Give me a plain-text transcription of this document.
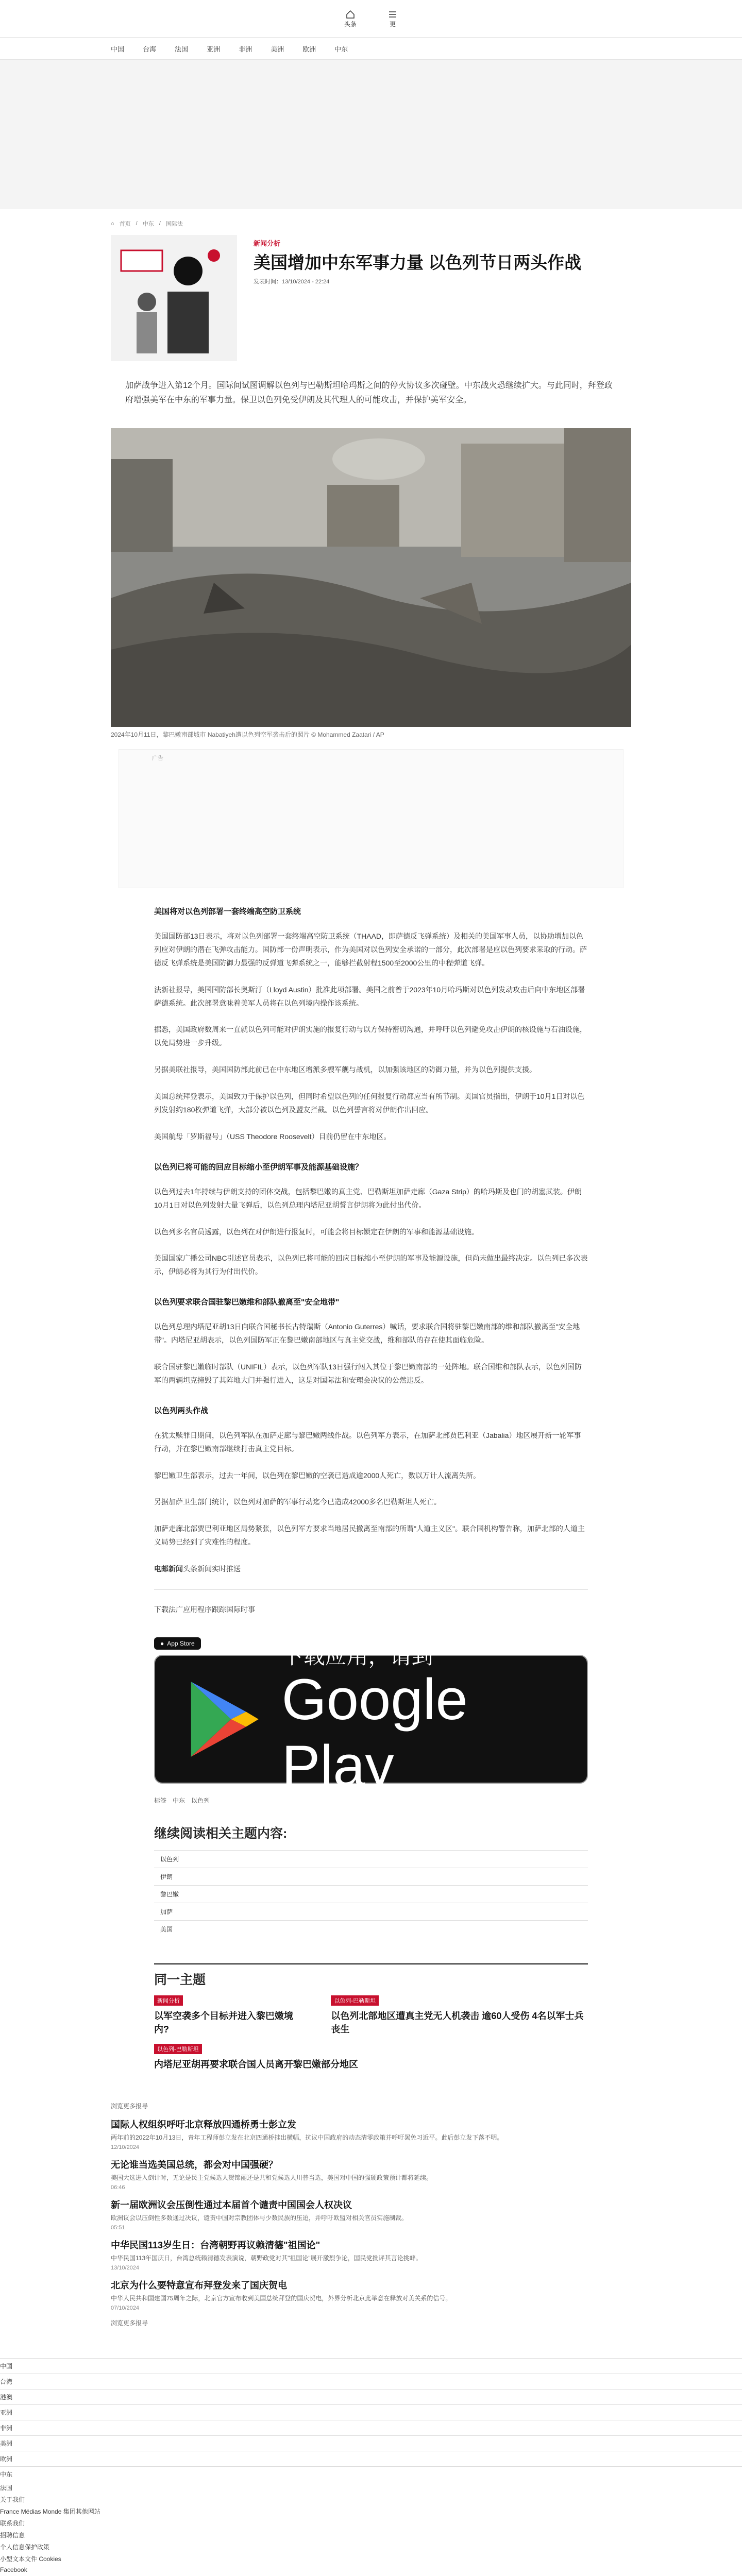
头条	更
中国	台海	法国	亚洲	非洲	美洲	欧洲	中东
⌂ 首页 / 中东 / 国际法
新闻分析
美国增加中东军事力量 以色列节日两头作战
发表时间：13/10/2024 - 22:24

加萨战争进入第12个月。国际间试图调解以色列与巴勒斯坦哈玛斯之间的停火协议多次碰壁。中东战火恐继续扩大。与此同时，拜登政府增强美军在中东的军事力量。保卫以色列免受伊朗及其代理人的可能攻击，并保护美军安全。

2024年10月11日，黎巴嫩南部城市 Nabatiyeh遭以色列空军袭击后的照片 © Mohammed Zaatari / AP
广告
美国将对以色列部署一套终端高空防卫系统

美国国防部13日表示，将对以色列部署一套终端高空防卫系统（THAAD，即萨德反飞弹系统）及相关的美国军事人员，以协助增加以色列应对伊朗的潜在飞弹攻击能力。国防部一份声明表示，作为美国对以色列安全承诺的一部分，此次部署是应以色列要求采取的行动。萨德反飞弹系统是美国防御力最强的反弹道飞弹系统之一，能够拦截射程1500至2000公里的中程弹道飞弹。

法新社报导，美国国防部长奥斯汀（Lloyd Austin）批准此项部署。美国之前曾于2023年10月哈玛斯对以色列发动攻击后向中东地区部署萨德系统。此次部署意味着美军人员将在以色列境内操作该系统。

据悉，美国政府数周来一直就以色列可能对伊朗实施的报复行动与以方保持密切沟通，并呼吁以色列避免攻击伊朗的核设施与石油设施，以免局势进一步升级。

另据美联社报导，美国国防部此前已在中东地区增派多艘军舰与战机，以加强该地区的防御力量，并为以色列提供支援。

美国总统拜登表示，美国致力于保护以色列，但同时希望以色列的任何报复行动都应当有所节制。美国官员指出，伊朗于10月1日对以色列发射约180枚弹道飞弹，大部分被以色列及盟友拦截。以色列誓言将对伊朗作出回应。

美国航母「罗斯福号」（USS Theodore Roosevelt）目前仍留在中东地区。

以色列已将可能的回应目标缩小至伊朗军事及能源基础设施？

以色列过去1年持续与伊朗支持的团体交战，包括黎巴嫩的真主党、巴勒斯坦加萨走廊（Gaza Strip）的哈玛斯及也门的胡塞武装。伊朗10月1日对以色列发射大量飞弹后，以色列总理内塔尼亚胡誓言伊朗将为此付出代价。

以色列多名官员透露，以色列在对伊朗进行报复时，可能会将目标锁定在伊朗的军事和能源基础设施。

美国国家广播公司NBC引述官员表示，以色列已将可能的回应目标缩小至伊朗的军事及能源设施，但尚未做出最终决定。以色列已多次表示，伊朗必将为其行为付出代价。

以色列要求联合国驻黎巴嫩维和部队撤离至"安全地带"

以色列总理内塔尼亚胡13日向联合国秘书长古特瑞斯（Antonio Guterres）喊话，要求联合国将驻黎巴嫩南部的维和部队撤离至"安全地带"。内塔尼亚胡表示，以色列国防军正在黎巴嫩南部地区与真主党交战，维和部队的存在使其面临危险。

联合国驻黎巴嫩临时部队（UNIFIL）表示，以色列军队13日强行闯入其位于黎巴嫩南部的一处阵地。联合国维和部队表示，以色列国防军的两辆坦克撞毁了其阵地大门并强行进入，这是对国际法和安理会决议的公然违反。

以色列两头作战

在犹太赎罪日期间，以色列军队在加萨走廊与黎巴嫩两线作战。以色列军方表示，在加萨北部贾巴利亚（Jabalia）地区展开新一轮军事行动，并在黎巴嫩南部继续打击真主党目标。

黎巴嫩卫生部表示，过去一年间，以色列在黎巴嫩的空袭已造成逾2000人死亡，数以万计人流离失所。

另据加萨卫生部门统计，以色列对加萨的军事行动迄今已造成42000多名巴勒斯坦人死亡。

加萨走廊北部贾巴利亚地区局势紧张，以色列军方要求当地居民撤离至南部的所谓"人道主义区"。联合国机构警告称，加萨北部的人道主义局势已经到了灾难性的程度。

电邮新闻头条新闻实时推送

下载法广应用程序跟踪国际时事

● App Store
下载应用，请到
Google Play
标签 中东 以色列
继续阅读相关主题内容:
以色列
伊朗
黎巴嫩
加萨
美国
同一主题
新闻分析
以军空袭多个目标并进入黎巴嫩境内?
以色列-巴勒斯坦
以色列北部地区遭真主党无人机袭击 逾60人受伤 4名以军士兵丧生
以色列-巴勒斯坦
内塔尼亚胡再要求联合国人员离开黎巴嫩部分地区
浏览更多报导
国际人权组织呼吁北京释放四通桥勇士彭立发

两年前的2022年10月13日，青年工程师彭立发在北京四通桥挂出横幅，抗议中国政府的动态清零政策并呼吁罢免习近平。此后彭立发下落不明。

12/10/2024
无论谁当选美国总统，都会对中国强硬？

美国大选进入倒计时，无论是民主党候选人贺锦丽还是共和党候选人川普当选，美国对中国的强硬政策预计都将延续。

06:46
新一届欧洲议会压倒性通过本届首个谴责中国国会人权决议

欧洲议会以压倒性多数通过决议，谴责中国对宗教团体与少数民族的压迫，并呼吁欧盟对相关官员实施制裁。

05:51
中华民国113岁生日：台湾朝野再议赖清德"祖国论"

中华民国113年国庆日，台湾总统赖清德发表演说，朝野政党对其"祖国论"展开激烈争论，国民党批评其言论挑衅。

13/10/2024
北京为什么要特意宣布拜登发来了国庆贺电

中华人民共和国建国75周年之际，北京官方宣布收到美国总统拜登的国庆贺电，外界分析北京此举意在释放对美关系的信号。

07/10/2024
浏览更多报导
中国
台湾
港澳
亚洲
非洲
美洲
欧洲
中东
法国
关于我们
France Médias Monde 集团其他网站
联系我们
招聘信息
个人信息保护政策
小型文本文件 Cookies
Facebook
